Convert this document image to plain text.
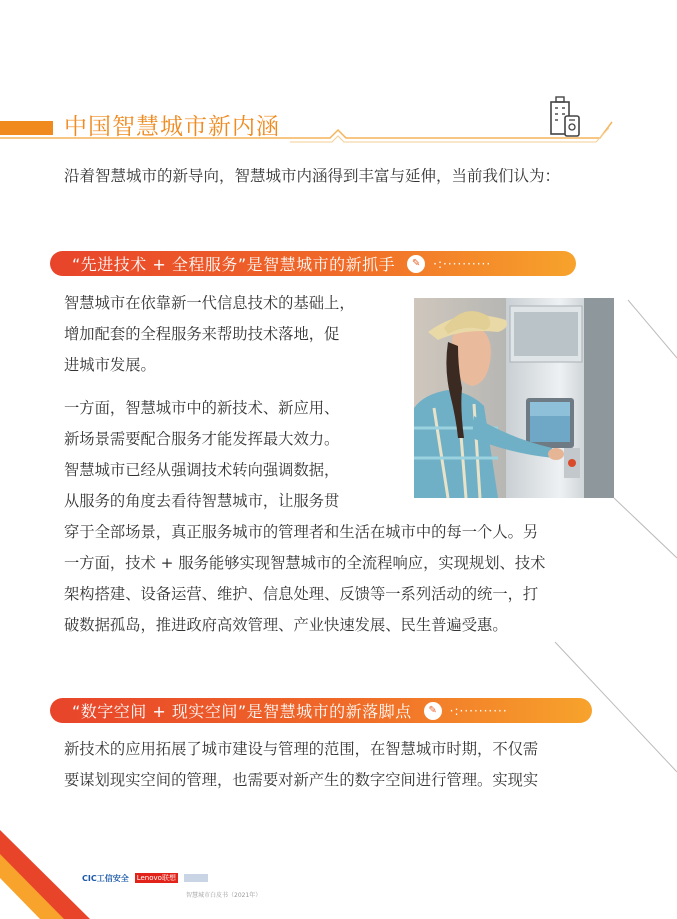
中国智慧城市新内涵
沿着智慧城市的新导向，智慧城市内涵得到丰富与延伸，当前我们认为：
“先进技术 + 全程服务”是智慧城市的新抓手	✎	·:··········
智慧城市在依靠新一代信息技术的基础上，
增加配套的全程服务来帮助技术落地，促
进城市发展。
一方面，智慧城市中的新技术、新应用、
新场景需要配合服务才能发挥最大效力。
智慧城市已经从强调技术转向强调数据，
从服务的角度去看待智慧城市，让服务贯
穿于全部场景，真正服务城市的管理者和生活在城市中的每一个人。另
一方面，技术 + 服务能够实现智慧城市的全流程响应，实现规划、技术
架构搭建、设备运营、维护、信息处理、反馈等一系列活动的统一，打
破数据孤岛，推进政府高效管理、产业快速发展、民生普遍受惠。
“数字空间 + 现实空间”是智慧城市的新落脚点	✎	·:··········
新技术的应用拓展了城市建设与管理的范围，在智慧城市时期，不仅需
要谋划现实空间的管理，也需要对新产生的数字空间进行管理。实现实
21
CIC工信安全 Lenovo联想
智慧城市白皮书（2021年）
